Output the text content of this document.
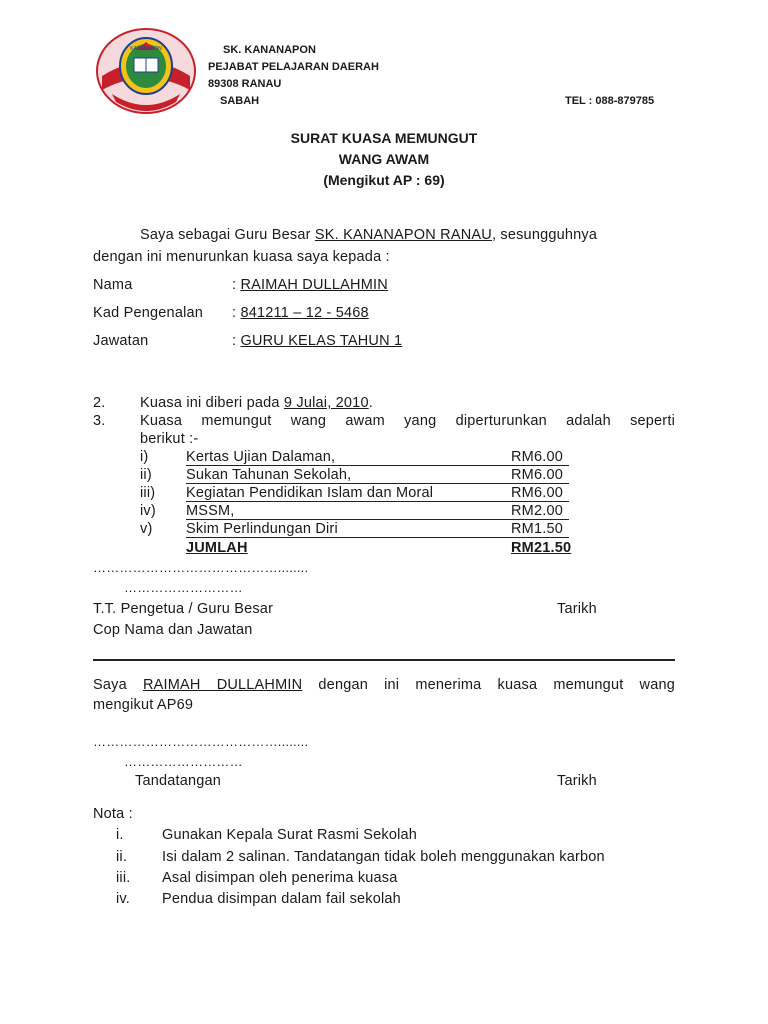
KANANAPON	SK. KANANAPON
PEJABAT PELAJARAN DAERAH
89308 RANAU
SABAH	TEL : 088-879785
SURAT KUASA MEMUNGUT
WANG AWAM
(Mengikut AP : 69)
Saya sebagai Guru Besar SK. KANANAPON RANAU, sesungguhnya
dengan ini menurunkan kuasa saya kepada :
Nama	: RAIMAH DULLAHMIN
Kad Pengenalan : 841211 – 12 - 5468
Jawatan	: GURU KELAS TAHUN 1
2. Kuasa ini diberi pada 9 Julai, 2010.
3. Kuasa memungut wang awam yang diperturunkan adalah seperti
berikut :-
i)	Kertas Ujian Dalaman,	RM6.00
ii) Sukan Tahunan Sekolah,	RM6.00
iii) Kegiatan Pendidikan Islam dan Moral	RM6.00
iv) MSSM,	RM2.00
v) Skim Perlindungan Diri	RM1.50
JUMLAH	RM21.50
……………………………………........
………………………
T.T. Pengetua / Guru Besar	Tarikh
Cop Nama dan Jawatan
Saya RAIMAH DULLAHMIN dengan ini menerima kuasa memungut wang
mengikut AP69
……………………………………........
………………………
Tandatangan	Tarikh
Nota :
i.	Gunakan Kepala Surat Rasmi Sekolah
ii. Isi dalam 2 salinan. Tandatangan tidak boleh menggunakan karbon
iii. Asal disimpan oleh penerima kuasa
iv. Pendua disimpan dalam fail sekolah
